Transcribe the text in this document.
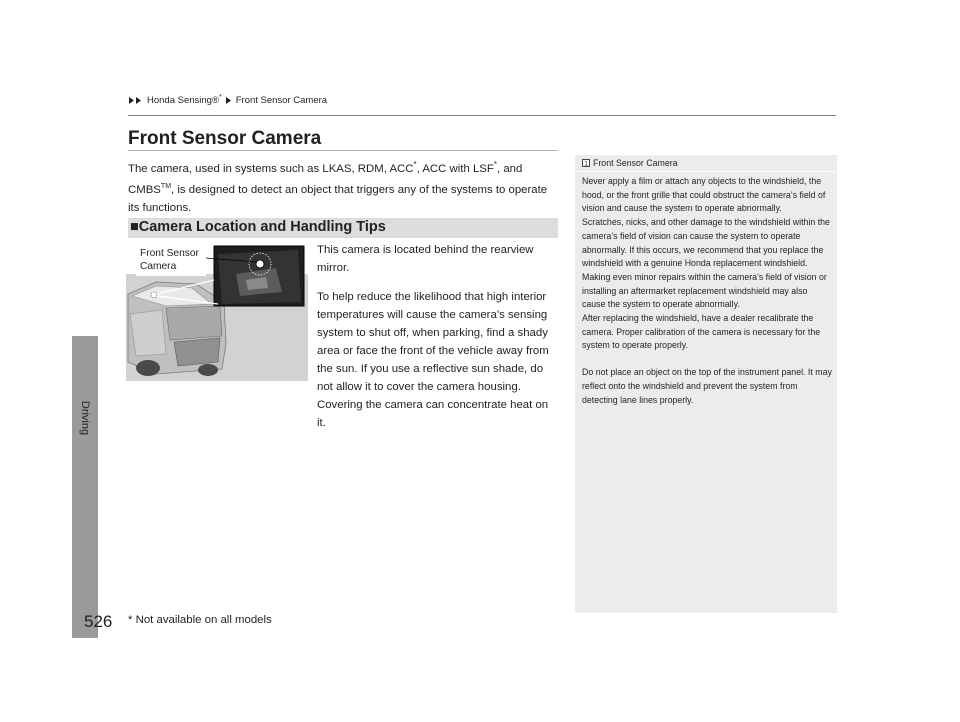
Driving
Honda Sensing®* Front Sensor Camera
Front Sensor Camera
The camera, used in systems such as LKAS, RDM, ACC*, ACC with LSF*, and CMBS™, is designed to detect an object that triggers any of the systems to operate its functions.
■Camera Location and Handling Tips
Front Sensor
Camera

This camera is located behind the rearview mirror.

To help reduce the likelihood that high interior temperatures will cause the camera’s sensing system to shut off, when parking, find a shady area or face the front of the vehicle away from the sun. If you use a reflective sun shade, do not allow it to cover the camera housing. Covering the camera can concentrate heat on it.

1 Front Sensor Camera
Never apply a film or attach any objects to the windshield, the hood, or the front grille that could obstruct the camera’s field of vision and cause the system to operate abnormally.
Scratches, nicks, and other damage to the windshield within the camera’s field of vision can cause the system to operate abnormally. If this occurs, we recommend that you replace the windshield with a genuine Honda replacement windshield. Making even minor repairs within the camera’s field of vision or installing an aftermarket replacement windshield may also cause the system to operate abnormally.

After replacing the windshield, have a dealer recalibrate the camera. Proper calibration of the camera is necessary for the system to operate properly.

Do not place an object on the top of the instrument panel. It may reflect onto the windshield and prevent the system from detecting lane lines properly.

526 * Not available on all models
